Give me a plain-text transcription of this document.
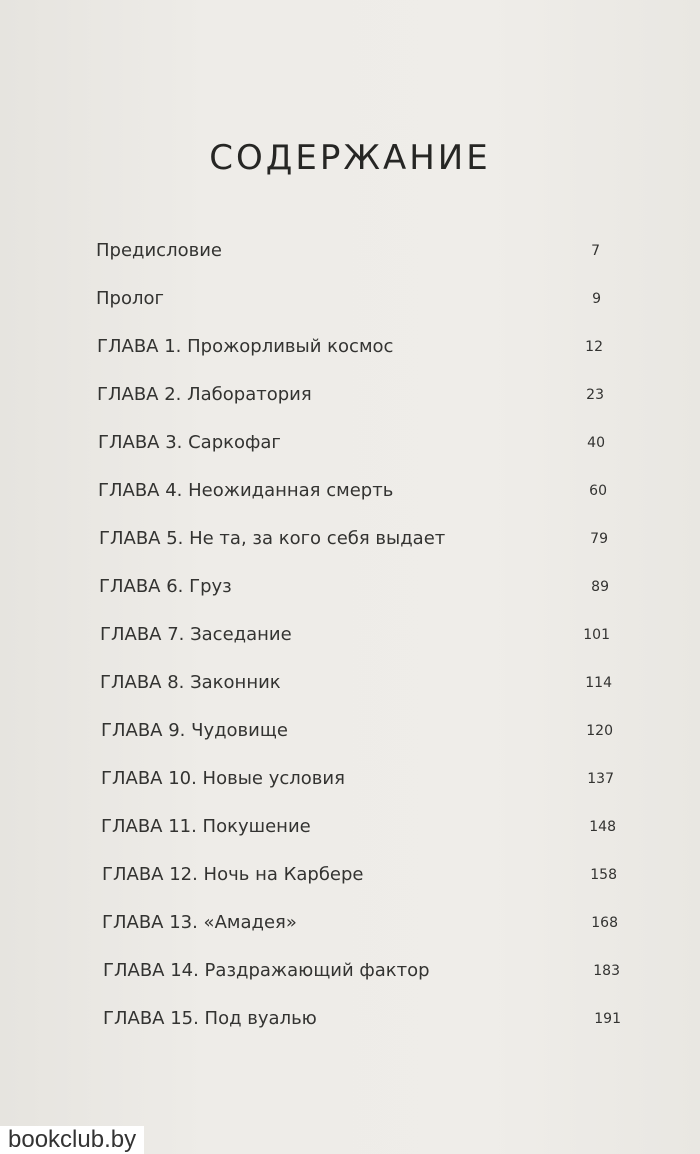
СОДЕРЖАНИЕ
Предисловие	7
Пролог	9
ГЛАВА 1. Прожорливый космос	12
ГЛАВА 2. Лаборатория	23
ГЛАВА 3. Саркофаг	40
ГЛАВА 4. Неожиданная смерть	60
ГЛАВА 5. Не та, за кого себя выдает	79
ГЛАВА 6. Груз	89
ГЛАВА 7. Заседание	101
ГЛАВА 8. Законник	114
ГЛАВА 9. Чудовище	120
ГЛАВА 10. Новые условия	137
ГЛАВА 11. Покушение	148
ГЛАВА 12. Ночь на Карбере	158
ГЛАВА 13. «Амадея»	168
ГЛАВА 14. Раздражающий фактор	183
ГЛАВА 15. Под вуалью	191
bookclub.by
